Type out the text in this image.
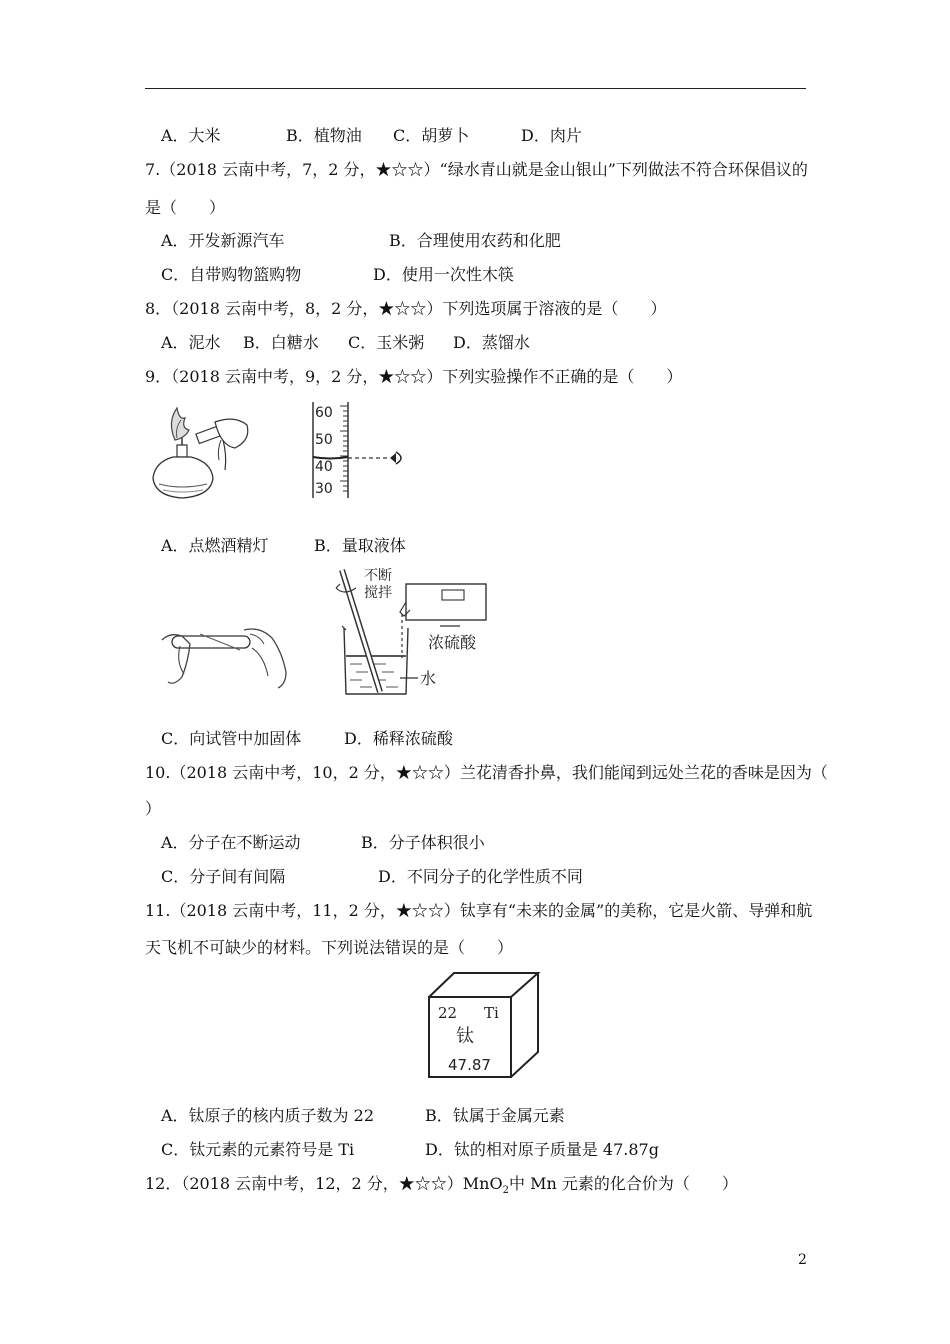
A．大米	B．植物油 C．胡萝卜	D．肉片
7.（2018 云南中考，7，2 分，★☆☆）“绿水青山就是金山银山”下列做法不符合环保倡议的
是（　　）
A．开发新源汽车	B．合理使用农药和化肥
C．自带购物篮购物	D．使用一次性木筷
8．（2018 云南中考，8，2 分，★☆☆）下列选项属于溶液的是（　　）
A．泥水 B．白糖水 C．玉米粥 D．蒸馏水
9．（2018 云南中考，9，2 分，★☆☆）下列实验操作不正确的是（　　）
60
50
40
30
A．点燃酒精灯	B．量取液体
不断
搅拌
浓硫酸
水
C．向试管中加固体	D．稀释浓硫酸
10.（2018 云南中考，10，2 分，★☆☆）兰花清香扑鼻，我们能闻到远处兰花的香味是因为（
）
A．分子在不断运动	B．分子体积很小
C．分子间有间隔	D．不同分子的化学性质不同
11.（2018 云南中考，11，2 分，★☆☆）钛享有“未来的金属”的美称，它是火箭、导弹和航
天飞机不可缺少的材料。下列说法错误的是（　　）
22 Ti
钛
47.87
A．钛原子的核内质子数为 22	B．钛属于金属元素
C．钛元素的元素符号是 Ti	D．钛的相对原子质量是 47.87g
12．（2018 云南中考，12，2 分，★☆☆）MnO$_2$中 Mn 元素的化合价为（　　）
2
